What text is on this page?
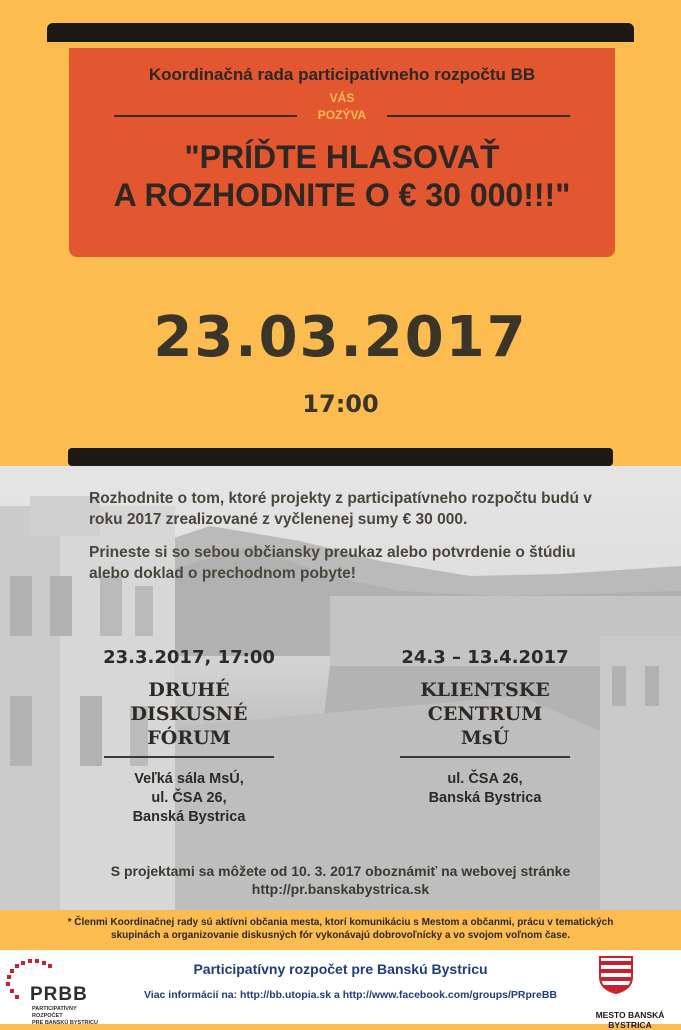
Koordinačná rada participatívneho rozpočtu BB
VÁS
POZÝVA
"PRÍĎTE HLASOVAŤ
A ROZHODNITE O € 30 000!!!"
23.03.2017
17:00

Rozhodnite o tom, ktoré projekty z participatívneho rozpočtu budú v roku 2017 zrealizované z vyčlenenej sumy € 30 000.

Prineste si so sebou občiansky preukaz alebo potvrdenie o štúdiu alebo doklad o prechodnom pobyte!

23.3.2017, 17:00
DRUHÉ
DISKUSNÉ
FÓRUM
Veľká sála MsÚ,
ul. ČSA 26,
Banská Bystrica
24.3 – 13.4.2017
KLIENTSKE
CENTRUM
MsÚ
ul. ČSA 26,
Banská Bystrica
S projektami sa môžete od 10. 3. 2017 oboznámiť na webovej stránke
http://pr.banskabystrica.sk
* Členmi Koordinačnej rady sú aktívni občania mesta, ktorí komunikáciu s Mestom a občanmi, prácu v tematických skupinách a organizovanie diskusných fór vykonávajú dobrovoľnícky a vo svojom voľnom čase.
PRBB
PARTICIPATÍVNY ROZPOČET
PRE BANSKÚ BYSTRICU
Participatívny rozpočet pre Banskú Bystricu
Viac informácií na: http://bb.utopia.sk a http://www.facebook.com/groups/PRpreBB
MESTO BANSKÁ BYSTRICA
